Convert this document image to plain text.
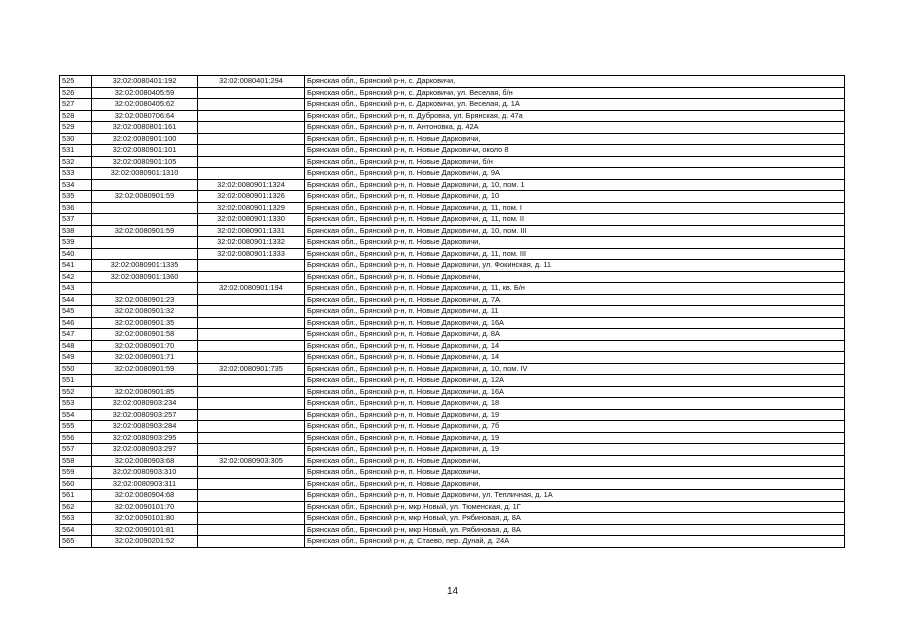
525	32:02:0080401:192	32:02:0080401:294	Брянская обл., Брянский р-н, с. Дарковичи,
526	32:02:0080405:59		Брянская обл., Брянский р-н, с. Дарковичи, ул. Веселая, б/н
527	32:02:0080405:62		Брянская обл., Брянский р-н, с. Дарковичи, ул. Веселая, д. 1А
528	32:02:0080706:64		Брянская обл., Брянский р-н, п. Дубровка, ул. Брянская, д. 47а
529	32:02:0080801:161		Брянская обл., Брянский р-н, п. Антоновка, д. 42А
530	32:02:0080901:100		Брянская обл., Брянский р-н, п. Новые Дарковичи,
531	32:02:0080901:101		Брянская обл., Брянский р-н, п. Новые Дарковичи, около 8
532	32:02:0080901:105		Брянская обл., Брянский р-н, п. Новые Дарковичи, б/н
533	32:02:0080901:1310		Брянская обл., Брянский р-н, п. Новые Дарковичи, д. 9А
534		32:02:0080901:1324	Брянская обл., Брянский р-н, п. Новые Дарковичи, д. 10, пом. 1
535	32:02:0080901:59	32:02:0080901:1326	Брянская обл., Брянский р-н, п. Новые Дарковичи, д. 10
536		32:02:0080901:1329	Брянская обл., Брянский р-н, п. Новые Дарковичи, д. 11, пом. I
537		32:02:0080901:1330	Брянская обл., Брянский р-н, п. Новые Дарковичи, д. 11, пом. II
538	32:02:0080901:59	32:02:0080901:1331	Брянская обл., Брянский р-н, п. Новые Дарковичи, д. 10, пом. III
539		32:02:0080901:1332	Брянская обл., Брянский р-н, п. Новые Дарковичи,
540		32:02:0080901:1333	Брянская обл., Брянский р-н, п. Новые Дарковичи, д. 11, пом. III
541	32:02:0080901:1335		Брянская обл., Брянский р-н, п. Новые Дарковичи, ул. Фокинская, д. 11
542	32:02:0080901:1360		Брянская обл., Брянский р-н, п. Новые Дарковичи,
543		32:02:0080901:194	Брянская обл., Брянский р-н, п. Новые Дарковичи, д. 11, кв. Б/н
544	32:02:0080901:23		Брянская обл., Брянский р-н, п. Новые Дарковичи, д. 7А
545	32:02:0080901:32		Брянская обл., Брянский р-н, п. Новые Дарковичи, д. 11
546	32:02:0080901:35		Брянская обл., Брянский р-н, п. Новые Дарковичи, д. 16А
547	32:02:0080901:58		Брянская обл., Брянский р-н, п. Новые Дарковичи, д. 8А
548	32:02:0080901:70		Брянская обл., Брянский р-н, п. Новые Дарковичи, д. 14
549	32:02:0080901:71		Брянская обл., Брянский р-н, п. Новые Дарковичи, д. 14
550	32:02:0080901:59	32:02:0080901:735	Брянская обл., Брянский р-н, п. Новые Дарковичи, д. 10, пом. IV
551			Брянская обл., Брянский р-н, п. Новые Дарковичи, д. 12А
552	32:02:0080901:85		Брянская обл., Брянский р-н, п. Новые Дарковичи, д. 16А
553	32:02:0080903:234		Брянская обл., Брянский р-н, п. Новые Дарковичи, д. 18
554	32:02:0080903:257		Брянская обл., Брянский р-н, п. Новые Дарковичи, д. 19
555	32:02:0080903:284		Брянская обл., Брянский р-н, п. Новые Дарковичи, д. 7б
556	32:02:0080903:295		Брянская обл., Брянский р-н, п. Новые Дарковичи, д. 19
557	32:02:0080903:297		Брянская обл., Брянский р-н, п. Новые Дарковичи, д. 19
558	32:02:0080903:68	32:02:0080903:305	Брянская обл., Брянский р-н, п. Новые Дарковичи,
559	32:02:0080903:310		Брянская обл., Брянский р-н, п. Новые Дарковичи,
560	32:02:0080903:311		Брянская обл., Брянский р-н, п. Новые Дарковичи,
561	32:02:0080904:68		Брянская обл., Брянский р-н, п. Новые Дарковичи, ул. Тепличная, д. 1А
562	32:02:0090101:70		Брянская обл., Брянский р-н, мкр Новый, ул. Тюменская, д. 1Г
563	32:02:0090101:80		Брянская обл., Брянский р-н, мкр Новый, ул. Рябиновая, д. 8А
564	32:02:0090101:81		Брянская обл., Брянский р-н, мкр Новый, ул. Рябиновая, д. 8А
565	32:02:0090201:52		Брянская обл., Брянский р-н, д. Стаево, пер. Дунай, д. 24А
14
